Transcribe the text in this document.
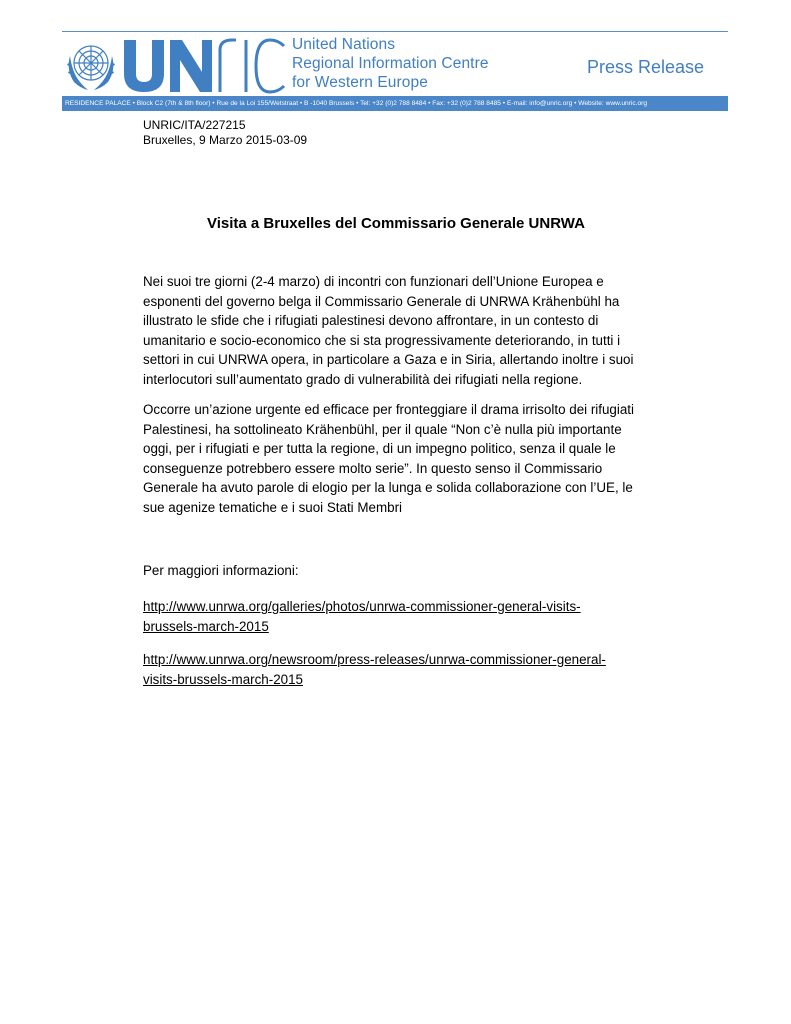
United Nations
Regional Information Centre
for Western Europe
Press Release
RESIDENCE PALACE • Block C2 (7th & 8th floor) • Rue de la Loi 155/Wetstraat • B -1040 Brussels • Tel: +32 (0)2 788 8484 • Fax: +32 (0)2 788 8485 • E-mail: info@unric.org • Website: www.unric.org
UNRIC/ITA/227215
Bruxelles, 9 Marzo 2015-03-09
Visita a Bruxelles del Commissario Generale UNRWA
Nei suoi tre giorni (2-4 marzo) di incontri con funzionari dell’Unione Europea e
esponenti del governo belga il Commissario Generale di UNRWA Krähenbühl ha
illustrato le sfide che i rifugiati palestinesi devono affrontare, in un contesto di
umanitario e socio-economico che si sta progressivamente deteriorando, in tutti i
settori in cui UNRWA opera, in particolare a Gaza e in Siria, allertando inoltre i suoi
interlocutori sull’aumentato grado di vulnerabilità dei rifugiati nella regione.
Occorre un’azione urgente ed efficace per fronteggiare il drama irrisolto dei rifugiati
Palestinesi, ha sottolineato Krähenbühl, per il quale “Non c’è nulla più importante
oggi, per i rifugiati e per tutta la regione, di un impegno politico, senza il quale le
conseguenze potrebbero essere molto serie”. In questo senso il Commissario
Generale ha avuto parole di elogio per la lunga e solida collaborazione con l’UE, le
sue agenize tematiche e i suoi Stati Membri
Per maggiori informazioni:
http://www.unrwa.org/galleries/photos/unrwa-commissioner-general-visits-
brussels-march-2015
http://www.unrwa.org/newsroom/press-releases/unrwa-commissioner-general-
visits-brussels-march-2015
